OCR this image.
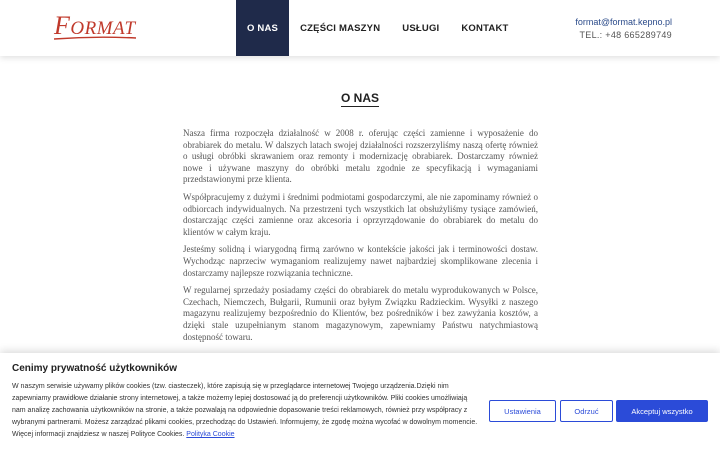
FORMAT	O NAS	CZĘŚCI MASZYN	USŁUGI	KONTAKT
format@format.kepno.pl
TEL.: +48 665289749
O NAS

Nasza firma rozpoczęła działalność w 2008 r. oferując części zamienne i wyposażenie do obrabiarek do metalu. W dalszych latach swojej działalności rozszerzyliśmy naszą ofertę również o usługi obróbki skrawaniem oraz remonty i modernizację obrabiarek. Dostarczamy również nowe i używane maszyny do obróbki metalu zgodnie ze specyfikacją i wymaganiami przedstawionymi prze klienta.

Współpracujemy z dużymi i średnimi podmiotami gospodarczymi, ale nie zapominamy również o odbiorcach indywidualnych. Na przestrzeni tych wszystkich lat obsłużyliśmy tysiące zamówień, dostarczając części zamienne oraz akcesoria i oprzyrządowanie do obrabiarek do metalu do klientów w całym kraju.

Jesteśmy solidną i wiarygodną firmą zarówno w kontekście jakości jak i terminowości dostaw. Wychodząc naprzeciw wymaganiom realizujemy nawet najbardziej skomplikowane zlecenia i dostarczamy najlepsze rozwiązania techniczne.

W regularnej sprzedaży posiadamy części do obrabiarek do metalu wyprodukowanych w Polsce, Czechach, Niemczech, Bułgarii, Rumunii oraz byłym Związku Radzieckim. Wysyłki z naszego magazynu realizujemy bezpośrednio do Klientów, bez pośredników i bez zawyżania kosztów, a dzięki stale uzupełnianym stanom magazynowym, zapewniamy Państwu natychmiastową dostępność towaru.

Cenimy prywatność użytkowników
W naszym serwisie używamy plików cookies (tzw. ciasteczek), które zapisują się w przeglądarce internetowej Twojego urządzenia.Dzięki nim zapewniamy prawidłowe działanie strony internetowej, a także możemy lepiej dostosować ją do preferencji użytkowników. Pliki cookies umożliwiają nam analizę zachowania użytkowników na stronie, a także pozwalają na odpowiednie dopasowanie treści reklamowych, również przy współpracy z wybranymi partnerami. Możesz zarządzać plikami cookies, przechodząc do Ustawień. Informujemy, że zgodę można wycofać w dowolnym momencie. Więcej informacji znajdziesz w naszej Polityce Cookies. Polityka Cookie
Ustawienia	Odrzuć	Akceptuj wszystko
